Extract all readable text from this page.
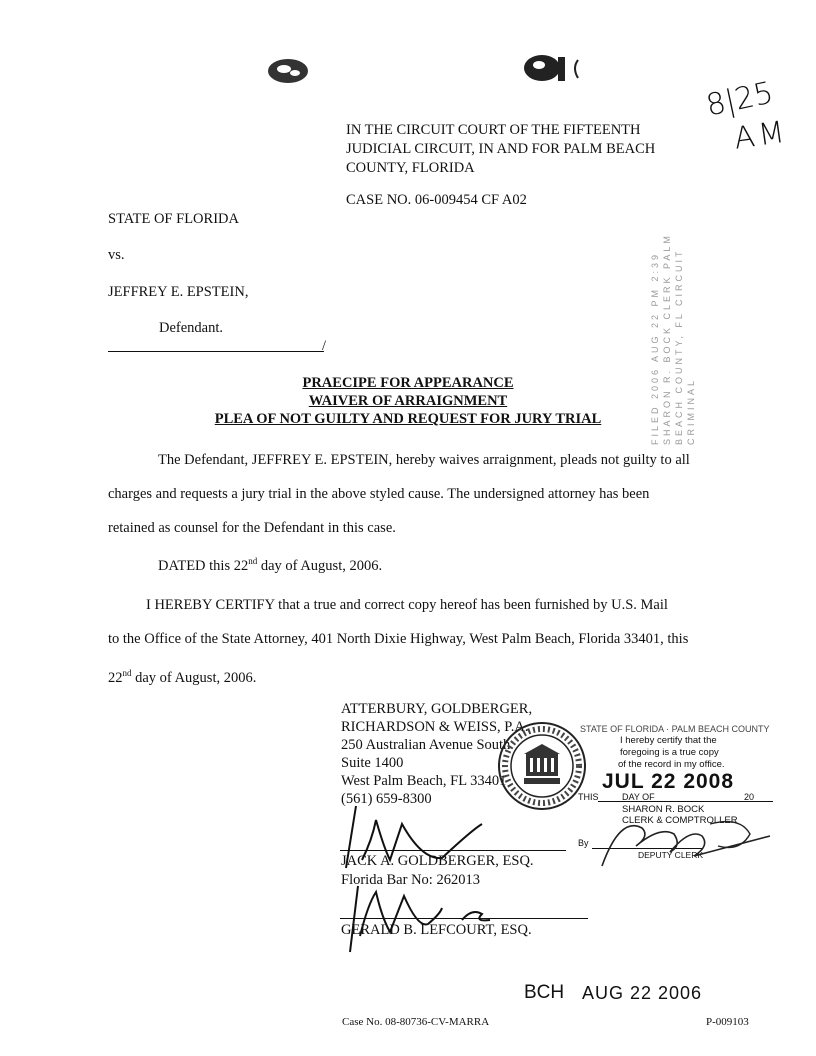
8|25
AM
IN THE CIRCUIT COURT OF THE FIFTEENTH
JUDICIAL CIRCUIT, IN AND FOR PALM BEACH
COUNTY, FLORIDA
CASE NO. 06-009454 CF A02
STATE OF FLORIDA
vs.
JEFFREY E. EPSTEIN,
Defendant.
/	FILED 2006 AUG 22 PM 2:39 SHARON R. BOCK CLERK PALM BEACH COUNTY, FL CIRCUIT CRIMINAL
PRAECIPE FOR APPEARANCE
WAIVER OF ARRAIGNMENT
PLEA OF NOT GUILTY AND REQUEST FOR JURY TRIAL
The Defendant, JEFFREY E. EPSTEIN, hereby waives arraignment, pleads not guilty to all
charges and requests a jury trial in the above styled cause. The undersigned attorney has been
retained as counsel for the Defendant in this case.
DATED this 22nd day of August, 2006.
I HEREBY CERTIFY that a true and correct copy hereof has been furnished by U.S. Mail
to the Office of the State Attorney, 401 North Dixie Highway, West Palm Beach, Florida 33401, this
22nd day of August, 2006.
ATTERBURY, GOLDBERGER,
RICHARDSON & WEISS, P.A.
250 Australian Avenue South
Suite 1400
West Palm Beach, FL 33401
(561) 659-8300
STATE OF FLORIDA · PALM BEACH COUNTY
I hereby certify that the
foregoing is a true copy
of the record in my office.
THIS
JUL 22 2008
DAY OF	20
SHARON R. BOCK
CLERK & COMPTROLLER
By
DEPUTY CLERK
JACK A. GOLDBERGER, ESQ.
Florida Bar No: 262013
GERALD B. LEFCOURT, ESQ.
BCH AUG 22 2006
Case No. 08-80736-CV-MARRA	P-009103
